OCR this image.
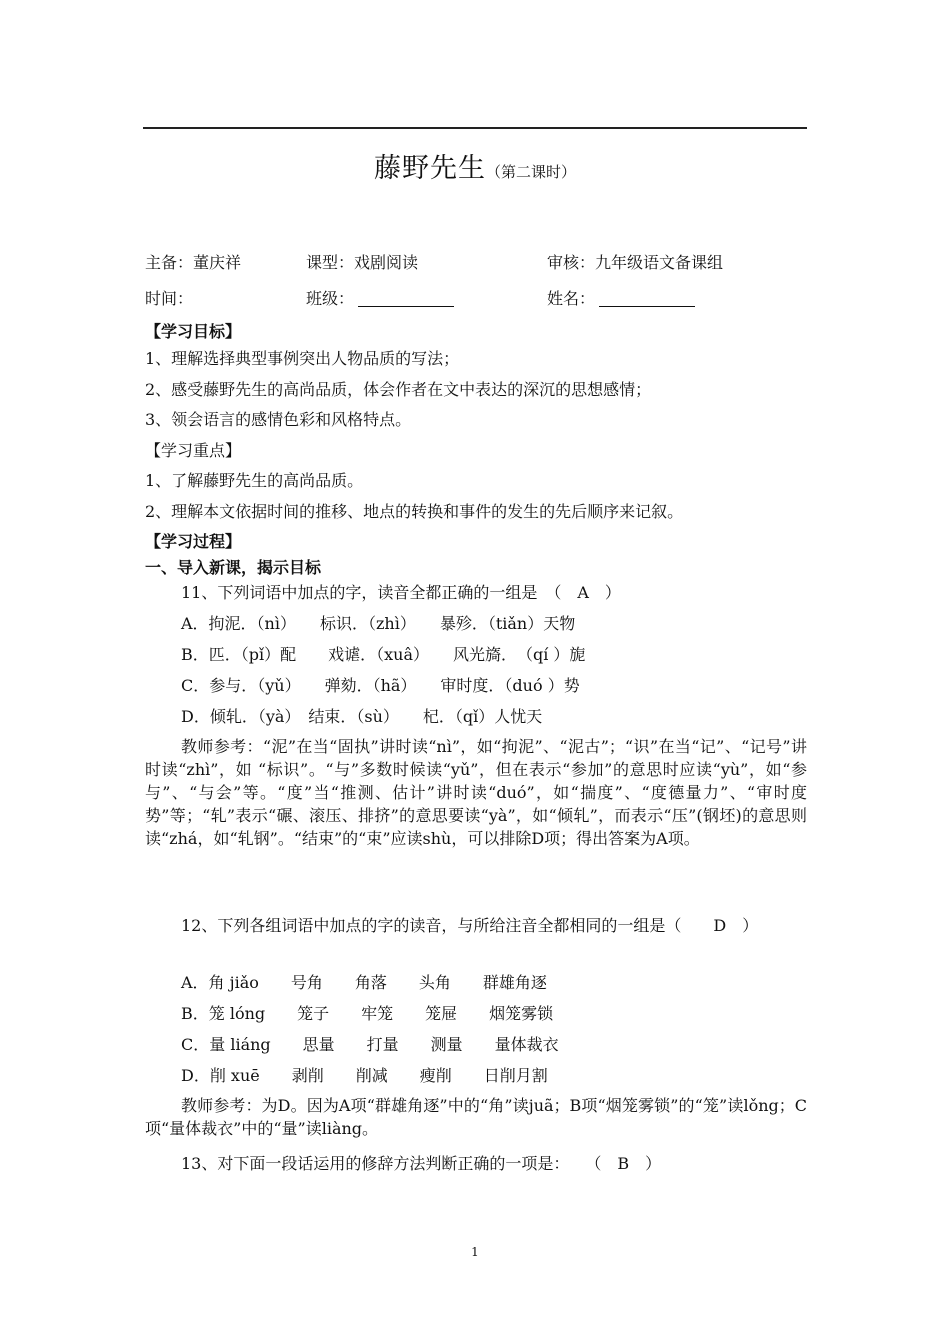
藤野先生（第二课时）
主备：董庆祥	课型：戏剧阅读	审核：九年级语文备课组
时间：	班级：	姓名：
【学习目标】
1、理解选择典型事例突出人物品质的写法；
2、感受藤野先生的高尚品质，体会作者在文中表达的深沉的思想感情；
3、领会语言的感情色彩和风格特点。
【学习重点】
1、了解藤野先生的高尚品质。
2、理解本文依据时间的推移、地点的转换和事件的发生的先后顺序来记叙。
【学习过程】
一、导入新课，揭示目标
11、下列词语中加点的字，读音全都正确的一组是　（　A　）
A．拘泥．（nì）　　标识．（zhì）　　暴殄．（tiǎn）天物
B．匹．（pǐ）配　　戏谑．（xuâ）　　风光旖．　（qí ）旎
C．参与．（yǔ）　　弹劾．（hã）　　审时度．（duó ）势
D．倾轧．（yà）　结束．（sù）　　杞．（qǐ）人忧天

教师参考：“泥”在当“固执”讲时读“nì”，如“拘泥”、“泥古”；“识”在当“记”、“记号”讲时读“zhì”，如 “标识”。“与”多数时候读“yǔ”，但在表示“参加”的意思时应读“yù”，如“参与”、“与会”等。“度”当“推测、估计”讲时读“duó”，如“揣度”、“度德量力”、“审时度势”等；“轧”表示“碾、滚压、排挤”的意思要读“yà”，如“倾轧”，而表示“压”(钢坯)的意思则读“zhá，如“轧钢”。“结束”的“束”应读shù，可以排除D项；得出答案为A项。

12、下列各组词语中加点的字的读音，与所给注音全都相同的一组是（　　D　）

A．角 jiǎo　　号角　　角落　　头角　　群雄角逐
B．笼 lóng　　笼子　　牢笼　　笼屉　　烟笼雾锁
C．量 liáng　　思量　　打量　　测量　　量体裁衣
D．削 xuē　　剥削　　削减　　瘦削　　日削月割

教师参考：为D。因为A项“群雄角逐”中的“角”读juã；B项“烟笼雾锁”的“笼”读lǒng；C项“量体裁衣”中的“量”读liàng。

13、对下面一段话运用的修辞方法判断正确的一项是：　　（　B　）
1
